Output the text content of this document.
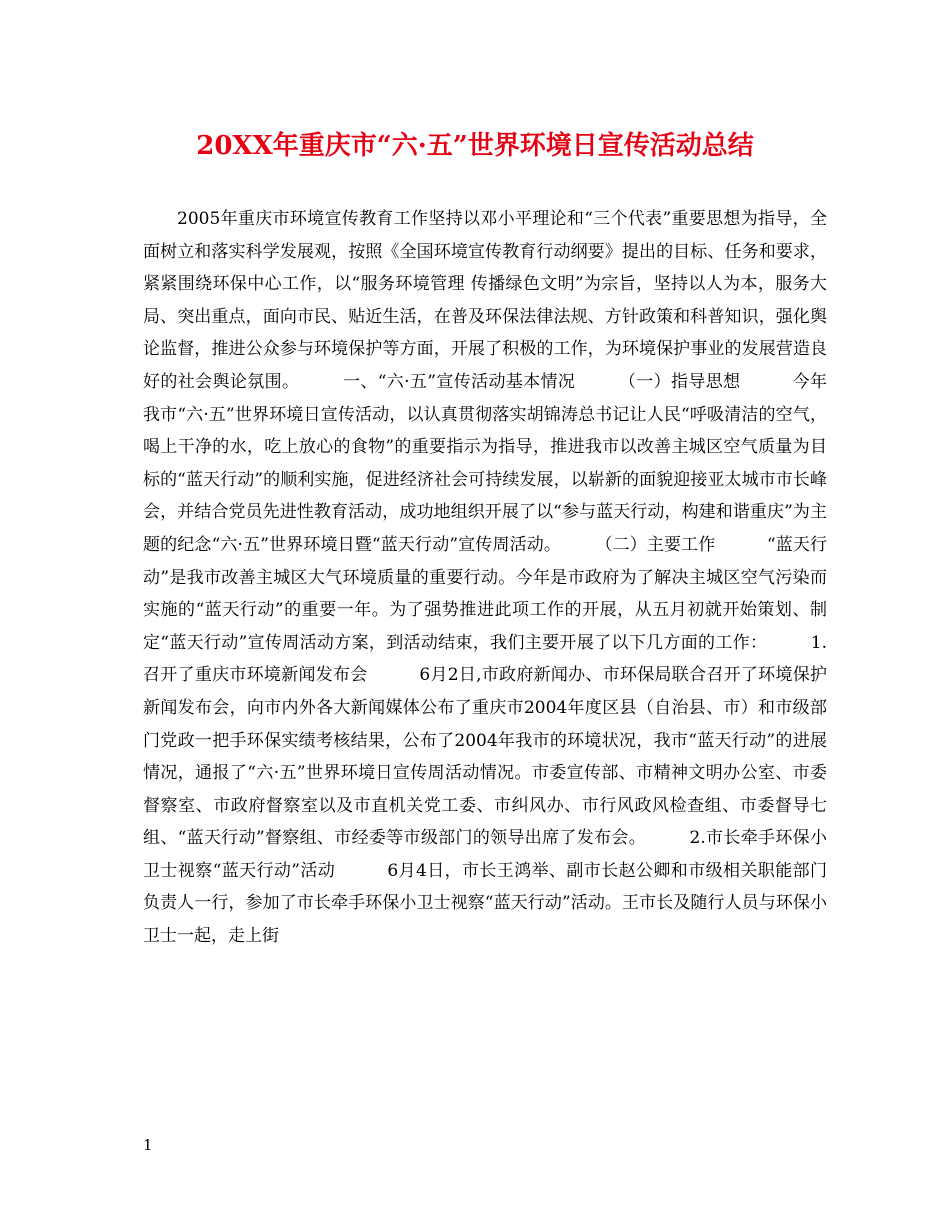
20XX年重庆市“六·五”世界环境日宣传活动总结

2005年重庆市环境宣传教育工作坚持以邓小平理论和“三个代表”重要思想为指导，全面树立和落实科学发展观，按照《全国环境宣传教育行动纲要》提出的目标、任务和要求，紧紧围绕环保中心工作，以“服务环境管理 传播绿色文明”为宗旨，坚持以人为本，服务大局、突出重点，面向市民、贴近生活，在普及环保法律法规、方针政策和科普知识，强化舆论监督，推进公众参与环境保护等方面，开展了积极的工作，为环境保护事业的发展营造良好的社会舆论氛围。　　　一、“六·五”宣传活动基本情况　　　（一）指导思想　　　今年我市“六·五”世界环境日宣传活动，以认真贯彻落实胡锦涛总书记让人民“呼吸清洁的空气，喝上干净的水，吃上放心的食物”的重要指示为指导，推进我市以改善主城区空气质量为目标的“蓝天行动”的顺利实施，促进经济社会可持续发展，以崭新的面貌迎接亚太城市市长峰会，并结合党员先进性教育活动，成功地组织开展了以“参与蓝天行动，构建和谐重庆”为主题的纪念“六·五”世界环境日暨“蓝天行动”宣传周活动。　　　（二）主要工作　　　“蓝天行动”是我市改善主城区大气环境质量的重要行动。今年是市政府为了解决主城区空气污染而实施的“蓝天行动”的重要一年。为了强势推进此项工作的开展，从五月初就开始策划、制定“蓝天行动”宣传周活动方案，到活动结束，我们主要开展了以下几方面的工作：　　　1.召开了重庆市环境新闻发布会　　　6月2日,市政府新闻办、市环保局联合召开了环境保护新闻发布会，向市内外各大新闻媒体公布了重庆市2004年度区县（自治县、市）和市级部门党政一把手环保实绩考核结果，公布了2004年我市的环境状况，我市“蓝天行动”的进展情况，通报了“六·五”世界环境日宣传周活动情况。市委宣传部、市精神文明办公室、市委督察室、市政府督察室以及市直机关党工委、市纠风办、市行风政风检查组、市委督导七组、“蓝天行动”督察组、市经委等市级部门的领导出席了发布会。　　　2.市长牵手环保小卫士视察“蓝天行动”活动　　　6月4日，市长王鸿举、副市长赵公卿和市级相关职能部门负责人一行，参加了市长牵手环保小卫士视察“蓝天行动”活动。王市长及随行人员与环保小卫士一起，走上街

1
